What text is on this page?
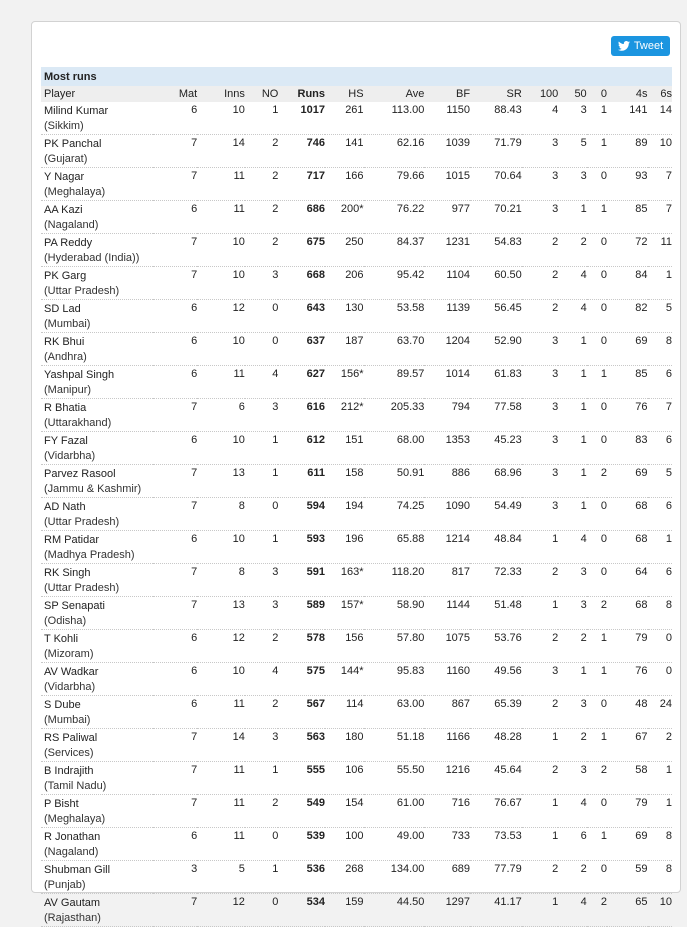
Tweet
Most runs													
Player	Mat	Inns	NO	Runs	HS	Ave	BF	SR	100	50	0	4s	6s

Milind Kumar
(Sikkim)	6	10	1	1017	261	113.00	1150	88.43	4	3	1	141	14

PK Panchal
(Gujarat)	7	14	2	746	141	62.16	1039	71.79	3	5	1	89	10

Y Nagar
(Meghalaya)	7	11	2	717	166	79.66	1015	70.64	3	3	0	93	7

AA Kazi
(Nagaland)	6	11	2	686	200*	76.22	977	70.21	3	1	1	85	7

PA Reddy
(Hyderabad (India))	7	10	2	675	250	84.37	1231	54.83	2	2	0	72	11

PK Garg
(Uttar Pradesh)	7	10	3	668	206	95.42	1104	60.50	2	4	0	84	1

SD Lad
(Mumbai)	6	12	0	643	130	53.58	1139	56.45	2	4	0	82	5

RK Bhui
(Andhra)	6	10	0	637	187	63.70	1204	52.90	3	1	0	69	8

Yashpal Singh
(Manipur)	6	11	4	627	156*	89.57	1014	61.83	3	1	1	85	6

R Bhatia
(Uttarakhand)	7	6	3	616	212*	205.33	794	77.58	3	1	0	76	7

FY Fazal
(Vidarbha)	6	10	1	612	151	68.00	1353	45.23	3	1	0	83	6

Parvez Rasool
(Jammu & Kashmir)	7	13	1	611	158	50.91	886	68.96	3	1	2	69	5

AD Nath
(Uttar Pradesh)	7	8	0	594	194	74.25	1090	54.49	3	1	0	68	6

RM Patidar
(Madhya Pradesh)	6	10	1	593	196	65.88	1214	48.84	1	4	0	68	1

RK Singh
(Uttar Pradesh)	7	8	3	591	163*	118.20	817	72.33	2	3	0	64	6

SP Senapati
(Odisha)	7	13	3	589	157*	58.90	1144	51.48	1	3	2	68	8

T Kohli
(Mizoram)	6	12	2	578	156	57.80	1075	53.76	2	2	1	79	0

AV Wadkar
(Vidarbha)	6	10	4	575	144*	95.83	1160	49.56	3	1	1	76	0

S Dube
(Mumbai)	6	11	2	567	114	63.00	867	65.39	2	3	0	48	24

RS Paliwal
(Services)	7	14	3	563	180	51.18	1166	48.28	1	2	1	67	2

B Indrajith
(Tamil Nadu)	7	11	1	555	106	55.50	1216	45.64	2	3	2	58	1

P Bisht
(Meghalaya)	7	11	2	549	154	61.00	716	76.67	1	4	0	79	1

R Jonathan
(Nagaland)	6	11	0	539	100	49.00	733	73.53	1	6	1	69	8

Shubman Gill
(Punjab)	3	5	1	536	268	134.00	689	77.79	2	2	0	59	8

AV Gautam
(Rajasthan)	7	12	0	534	159	44.50	1297	41.17	1	4	2	65	10
